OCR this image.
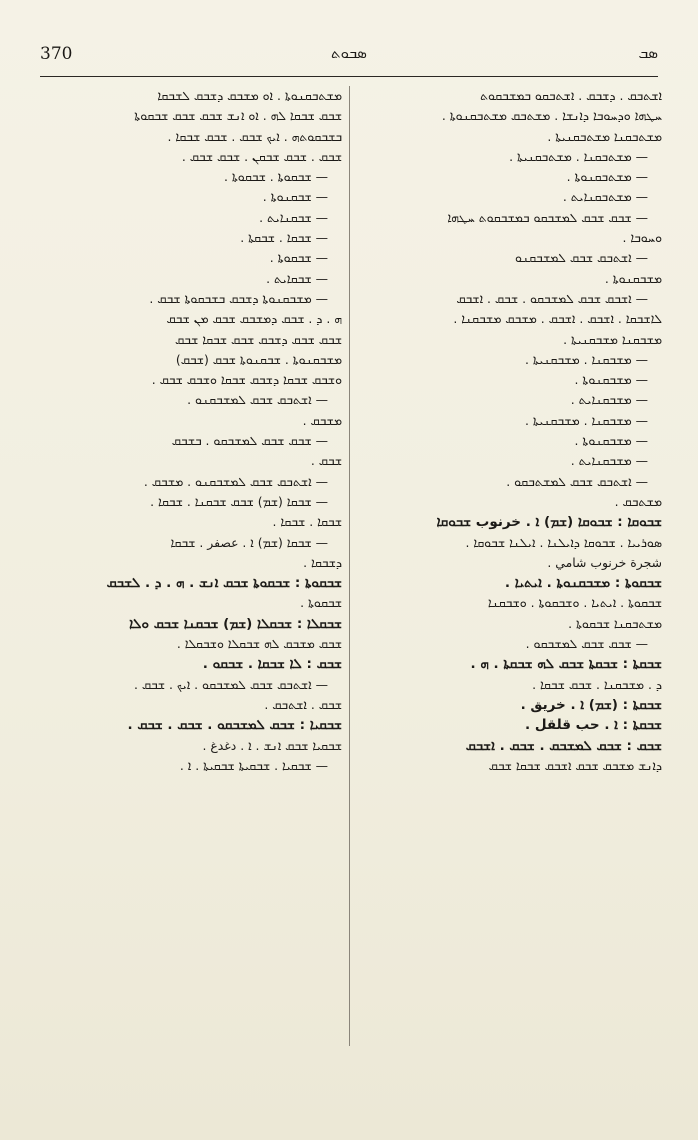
370	ܣܒܘܬ	ܣܒ
ܐܫܬܒܩ . ܕܫܒܩ . ܐܫܬܒܩܘ ܒܡܫܒܩܘܬ
ܚܛܗܐ ܘܕܚܘܒܐ ܕܐܢܫܐ . ܡܫܬܒܩ ܡܫܬܒܩܢܘܬܐ .
ܡܫܬܒܩܢܐ ܡܫܬܒܩܢܝܬܐ .
— ܡܫܬܒܩܢܐ . ܡܫܬܒܩܢܝܬܐ .
— ܡܫܬܒܩܢܘܬܐ .
— ܡܫܬܒܩܢܐܝܬ .
— ܫܒܩ ܫܒܩ ܠܡܫܒܩܘ ܒܡܫܒܩܘܬ ܚܛܗܐ
ܘܚܘܒܐ .
— ܐܫܬܒܩ ܫܒܩ ܠܡܫܒܩܢܘ
ܡܫܒܩܢܘܬܐ .
— ܐܫܒܩ ܫܒܩ ܠܡܫܒܩܘ . ܫܒܩ . ܐܫܒܩ
ܠܐܫܒܩܐ . ܐܫܒܩ . ܐܫܒܩ . ܡܫܒܩ ܡܫܒܩܢܐ .
ܡܫܒܩܢܐ ܡܫܒܩܢܝܬܐ .
— ܡܫܒܩܢܐ . ܡܫܒܩܢܝܬܐ .
— ܡܫܒܩܢܘܬܐ .
— ܡܫܒܩܢܐܝܬ .
— ܡܫܒܩܢܐ . ܡܫܒܩܢܝܬܐ .
— ܡܫܒܩܢܘܬܐ .
— ܡܫܒܩܢܐܝܬ .
— ܐܫܬܒܩ ܫܒܩ ܠܡܫܬܒܩܘ .
ܡܫܬܒܩ .
ܫܒܘܩܐ : ܫܒܘܩܐ (ܫܡ) ܐ . خرنوب ܫܒܘܩܐ
ܣܘܪܝܝܐ . ܫܒܘܩܐ ܕܐܝܠܢܐ . ܐܝܠܢܐ ܫܒܘܩܐ .
شجرة خرنوب شامي .
ܫܒܩܘܬܐ : ܡܫܒܩܢܘܬܐ . ܐܝܬܝܐ .
ܫܒܩܘܬܐ . ܐܝܬܝܐ . ܘܫܒܩܘܬܐ . ܘܫܒܩܢܐ
ܡܫܬܒܩܢܐ ܫܒܩܘܬܐ .
— ܫܒܩ ܫܒܩ ܠܡܫܒܩܘ .
ܫܒܩܬܐ : ܫܒܩܬܐ ܫܒܩ ܠܗ ܫܒܩܬܐ . ܗ .
ܕ . ܡܫܒܩܢܐ . ܫܒܩ ܫܒܩܐ .
ܫܒܩܬܐ : (ܫܡ) ܐ . خريق .
ܫܒܩܬܐ : ܐ . حب قلقل .
ܫܒܩ : ܫܒܩ ܠܡܫܒܩ . ܫܒܩ . ܐܫܒܩ
ܕܐܢܫ ܡܫܒܩ ܫܒܩ ܐܫܒܩ ܫܒܩܐ ܫܒܩ
ܡܫܬܒܩܢܘܬܐ . ܐܘ ܡܫܒܩ ܕܫܒܩ ܠܫܒܩܐ
ܫܒܩ ܫܒܩܐ ܠܗ . ܐܘ ܐܢܫ ܫܒܩ ܫܒܩ ܫܒܩܘܬܐ
ܒܫܒܩܘܬܗ . ܐܝܟ ܫܒܩ . ܫܒܩ ܫܒܩܐ .
ܫܒܩ . ܫܒܩ ܫܒܩܢ . ܫܒܩ ܫܒܩ .
— ܫܒܩܘܬܐ . ܫܒܩܘܬܐ .
— ܫܒܩܢܘܬܐ .
— ܫܒܩܢܐܝܬ .
— ܫܒܩܐ . ܫܒܩܬܐ .
— ܫܒܩܘܬܐ .
— ܫܒܩܐܝܬ .
— ܡܫܒܩܢܘܬܐ ܕܫܒܩ ܒܫܒܩܘܬܐ ܫܒܩ .
ܗ . ܕ . ܫܒܩ ܕܡܫܒܩ ܫܒܩ ܡܢ ܫܒܩ
ܫܒܩ ܫܒܩ ܕܫܒܩ ܫܒܩ ܫܒܩܐ ܫܒܩ
ܡܫܒܩܢܘܬܐ . ܫܒܩܢܘܬܐ ܫܒܩ (ܫܒܩ)
ܘܫܒܩ ܫܒܩܐ ܕܫܒܩ ܫܒܩܐ ܘܫܒܩ ܫܒܩ .
— ܐܫܬܒܩ ܫܒܩ ܠܡܫܒܩܢܘ .
ܡܫܒܩ .
— ܫܒܩ ܫܒܩ ܠܡܫܒܩܘ . ܒܫܒܩ
ܫܒܩ .
— ܐܫܬܒܩ ܫܒܩ ܠܡܫܒܩܢܘ . ܡܫܒܩ .
— ܫܒܩܐ (ܫܡ) ܫܒܩ ܫܒܩܢܐ . ܫܒܩܐ .
ܫܒܩܐ . ܫܒܩܐ .
— ܫܒܩܐ (ܫܡ) ܐ . عصفر . ܫܒܩܐ
ܕܫܒܩܐ .
ܫܒܩܘܬܐ : ܫܒܩܘܬܐ ܫܒܩ ܐܢܫ . ܗ . ܕ . ܠܫܒܩ
ܫܒܩܘܬܐ .
ܫܒܩܠܐ : ܫܒܩܠܐ (ܫܡ) ܫܒܩܢܐ ܫܒܩ ܘܠܐ
ܫܒܩ ܡܫܒܩ ܠܗ ܫܒܩܠܐ ܘܫܒܩܠܐ .
ܫܒܩ : ܠܐ ܫܒܩܐ . ܫܒܩܘ .
— ܐܫܬܒܩ ܫܒܩ ܠܡܫܒܩܘ . ܐܝܟ . ܫܒܩ .
ܫܒܩ . ܐܫܬܒܩ .
ܫܒܩܝܐ : ܫܒܩ ܠܡܫܒܩܘ . ܫܒܩ . ܫܒܩ .
ܫܒܩܝܐ ܫܒܩ ܐܢܫ . ܐ . دغدغ .
— ܫܒܩܝܐ . ܫܒܩܝܬܐ ܫܒܩܝܬܐ . ܐ .
